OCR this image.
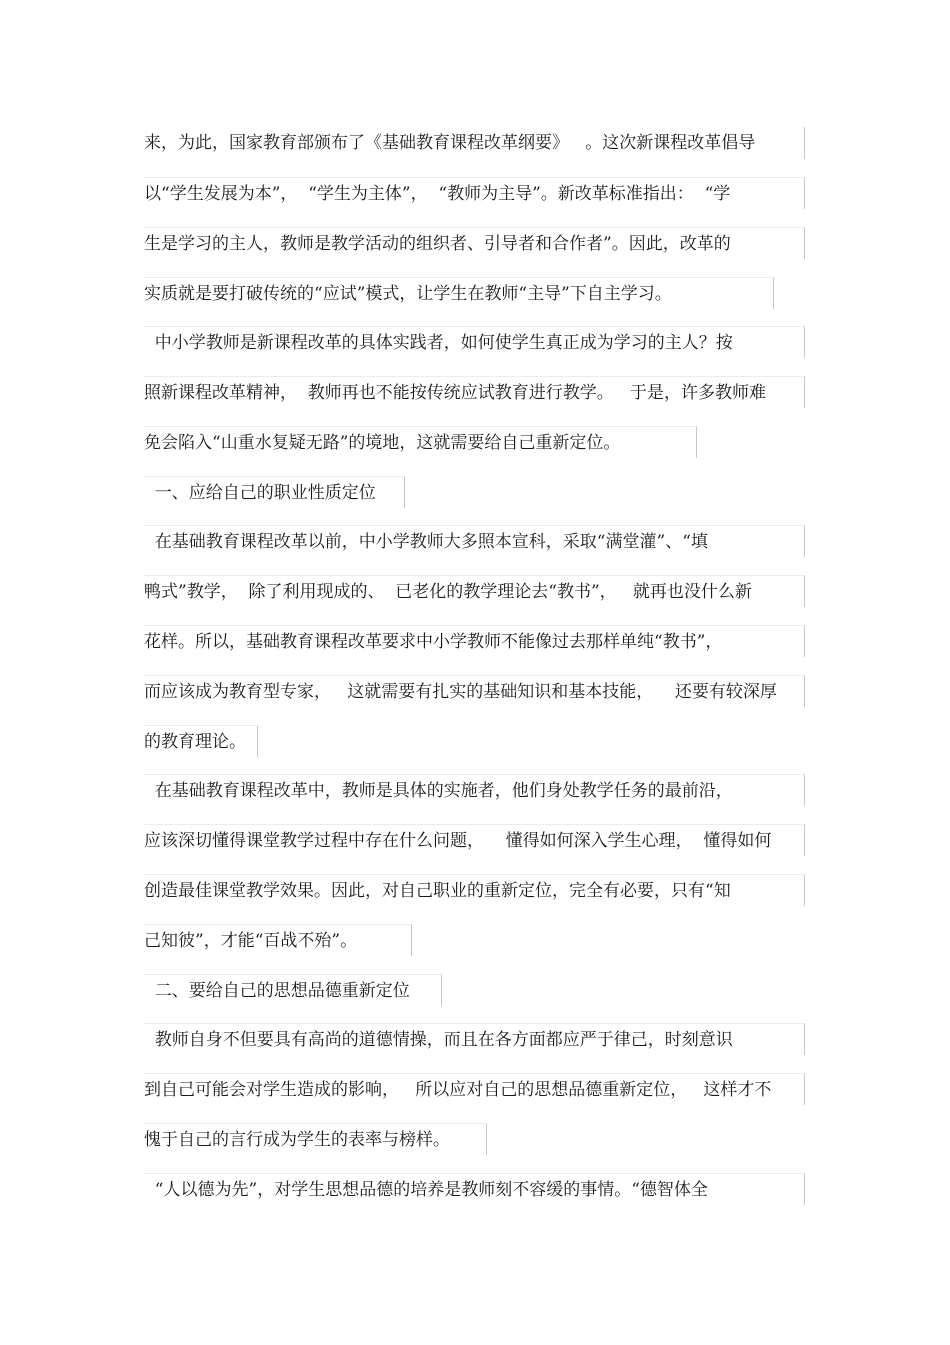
来，为此，国家教育部颁布了《基础教育课程改革纲要》   。这次新课程改革倡导
以“学生发展为本”，  “学生为主体”，  “教师为主导”。新改革标准指出：  “学
生是学习的主人，教师是教学活动的组织者、引导者和合作者”。因此，改革的
实质就是要打破传统的“应试”模式，让学生在教师“主导”下自主学习。
中小学教师是新课程改革的具体实践者，如何使学生真正成为学习的主人？按
照新课程改革精神，  教师再也不能按传统应试教育进行教学。   于是，许多教师难
免会陷入“山重水复疑无路”的境地，这就需要给自己重新定位。
一、应给自己的职业性质定位
在基础教育课程改革以前，中小学教师大多照本宣科，采取“满堂灌”、“填
鸭式”教学，  除了利用现成的、  已老化的教学理论去“教书”，   就再也没什么新
花样。所以，基础教育课程改革要求中小学教师不能像过去那样单纯“教书”，
而应该成为教育型专家，   这就需要有扎实的基础知识和基本技能，    还要有较深厚
的教育理论。
在基础教育课程改革中，教师是具体的实施者，他们身处教学任务的最前沿，
应该深切懂得课堂教学过程中存在什么问题，    懂得如何深入学生心理，  懂得如何
创造最佳课堂教学效果。因此，对自己职业的重新定位，完全有必要，只有“知
己知彼”，才能“百战不殆”。
二、要给自己的思想品德重新定位
教师自身不但要具有高尚的道德情操，而且在各方面都应严于律己，时刻意识
到自己可能会对学生造成的影响，   所以应对自己的思想品德重新定位，   这样才不
愧于自己的言行成为学生的表率与榜样。
“人以德为先”，对学生思想品德的培养是教师刻不容缓的事情。“德智体全
